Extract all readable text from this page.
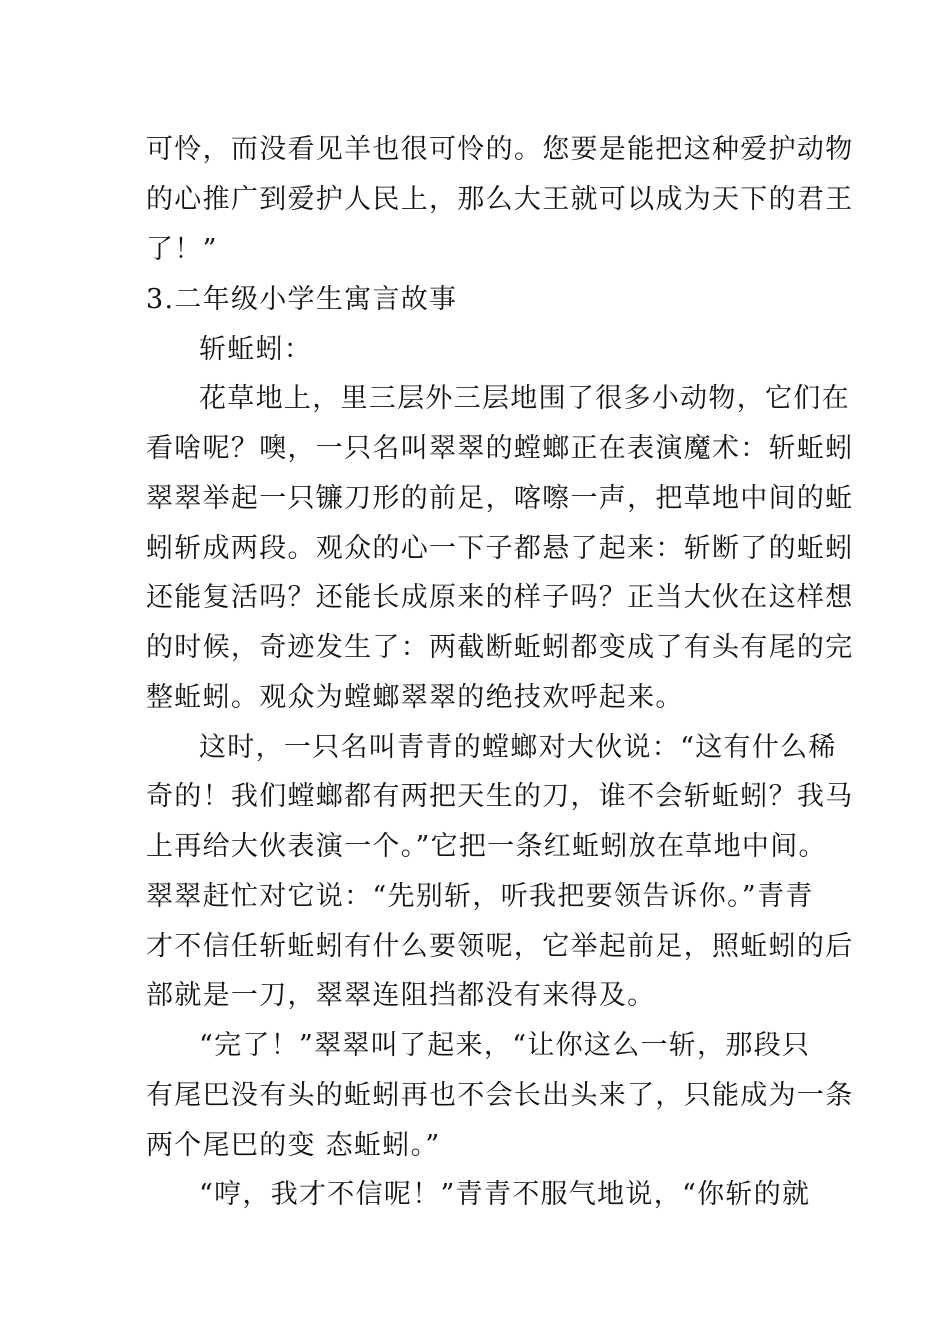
可怜，而没看见羊也很可怜的。您要是能把这种爱护动物
的心推广到爱护人民上，那么大王就可以成为天下的君王
了！”
3.二年级小学生寓言故事
斩蚯蚓：
花草地上，里三层外三层地围了很多小动物，它们在
看啥呢？噢，一只名叫翠翠的螳螂正在表演魔术：斩蚯蚓
翠翠举起一只镰刀形的前足，喀嚓一声，把草地中间的蚯
蚓斩成两段。观众的心一下子都悬了起来：斩断了的蚯蚓
还能复活吗？还能长成原来的样子吗？正当大伙在这样想
的时候，奇迹发生了：两截断蚯蚓都变成了有头有尾的完
整蚯蚓。观众为螳螂翠翠的绝技欢呼起来。
这时，一只名叫青青的螳螂对大伙说：“这有什么稀
奇的！我们螳螂都有两把天生的刀，谁不会斩蚯蚓？我马
上再给大伙表演一个。”它把一条红蚯蚓放在草地中间。
翠翠赶忙对它说：“先别斩，听我把要领告诉你。”青青
才不信任斩蚯蚓有什么要领呢，它举起前足，照蚯蚓的后
部就是一刀，翠翠连阻挡都没有来得及。
“完了！”翠翠叫了起来，“让你这么一斩，那段只
有尾巴没有头的蚯蚓再也不会长出头来了，只能成为一条
两个尾巴的变 态蚯蚓。”
“哼，我才不信呢！”青青不服气地说，“你斩的就
